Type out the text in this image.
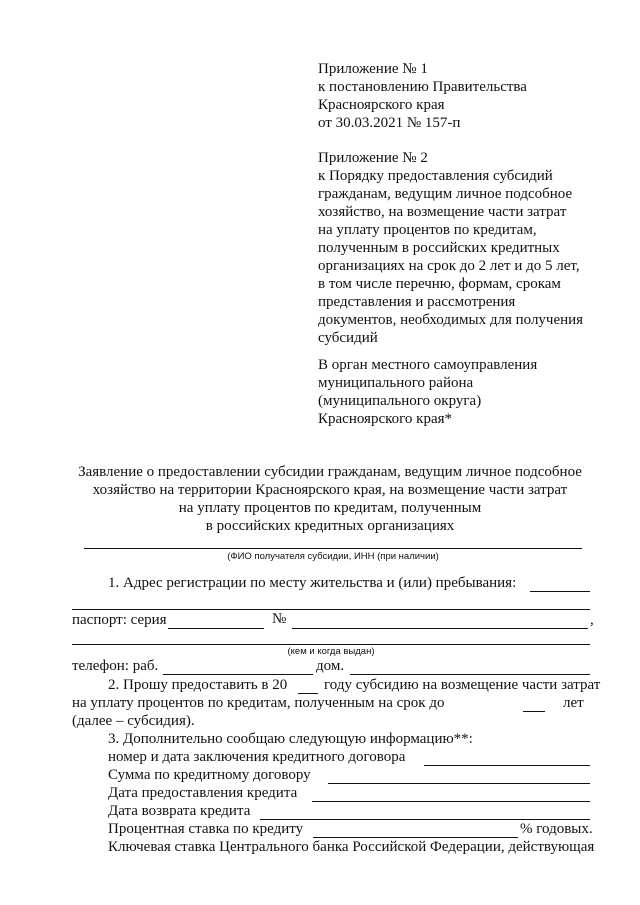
Приложение № 1
к постановлению Правительства
Красноярского края
от 30.03.2021 № 157-п
Приложение № 2
к Порядку предоставления субсидий
гражданам, ведущим личное подсобное
хозяйство, на возмещение части затрат
на уплату процентов по кредитам,
полученным в российских кредитных
организациях на срок до 2 лет и до 5 лет,
в том числе перечню, формам, срокам
представления и рассмотрения
документов, необходимых для получения
субсидий
В орган местного самоуправления
муниципального района
(муниципального округа)
Красноярского края*
Заявление о предоставлении субсидии гражданам, ведущим личное подсобное
хозяйство на территории Красноярского края, на возмещение части затрат
на уплату процентов по кредитам, полученным
в российских кредитных организациях
(ФИО получателя субсидии, ИНН (при наличии)
1. Адрес регистрации по месту жительства и (или) пребывания:
паспорт: серия	№	,
(кем и когда выдан)
телефон: раб.	дом.
2. Прошу предоставить в 20 году субсидию на возмещение части затрат
на уплату процентов по кредитам, полученным на срок до	лет
(далее – субсидия).
3. Дополнительно сообщаю следующую информацию**:
номер и дата заключения кредитного договора
Сумма по кредитному договору
Дата предоставления кредита
Дата возврата кредита
Процентная ставка по кредиту	% годовых.
Ключевая ставка Центрального банка Российской Федерации, действующая
